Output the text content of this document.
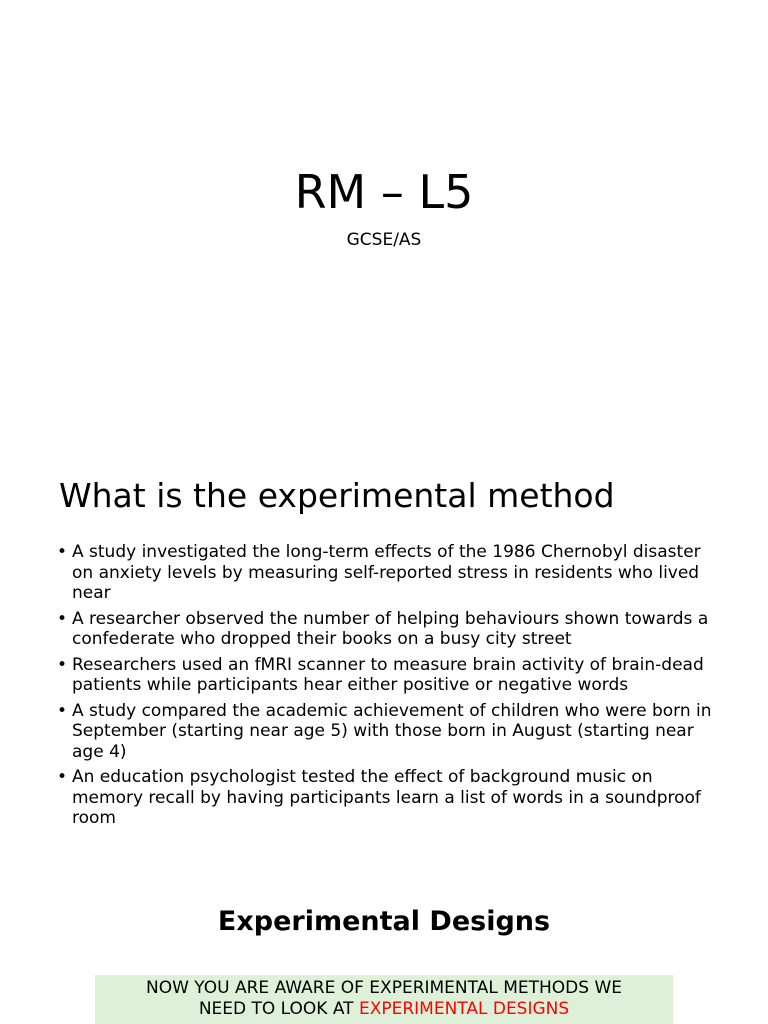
RM – L5

GCSE/AS

What is the experimental method
• A study investigated the long-term effects of the 1986 Chernobyl disaster on anxiety levels by measuring self-reported stress in residents who lived near
• A researcher observed the number of helping behaviours shown towards a confederate who dropped their books on a busy city street
• Researchers used an fMRI scanner to measure brain activity of brain-dead patients while participants hear either positive or negative words
• A study compared the academic achievement of children who were born in September (starting near age 5) with those born in August (starting near age 4)
• An education psychologist tested the effect of background music on memory recall by having participants learn a list of words in a soundproof room
Experimental Designs
NOW YOU ARE AWARE OF EXPERIMENTAL METHODS WE
NEED TO LOOK AT EXPERIMENTAL DESIGNS
